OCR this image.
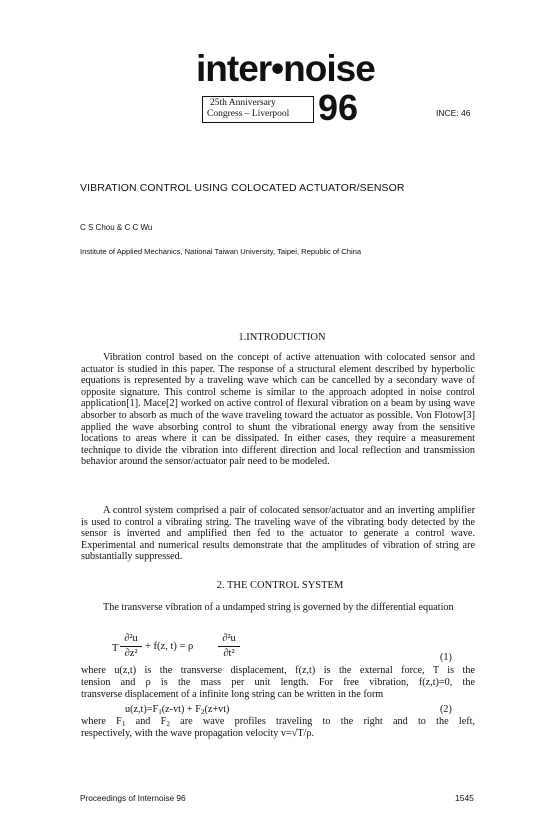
inter•noise
25th Anniversary
Congress – Liverpool 96	INCE: 46
VIBRATION CONTROL USING COLOCATED ACTUATOR/SENSOR
C S Chou & C C Wu
Institute of Applied Mechanics, National Taiwan University, Taipei, Republic of China
1.INTRODUCTION

Vibration control based on the concept of active attenuation with colocated sensor and actuator is studied in this paper. The response of a structural element described by hyperbolic equations is represented by a traveling wave which can be cancelled by a secondary wave of opposite signature. This control scheme is similar to the approach adopted in noise control application[1]. Mace[2] worked on active control of flexural vibration on a beam by using wave absorber to absorb as much of the wave traveling toward the actuator as possible. Von Flotow[3] applied the wave absorbing control to shunt the vibrational energy away from the sensitive locations to areas where it can be dissipated. In either cases, they require a measurement technique to divide the vibration into different direction and local reflection and transmission behavior around the sensor/actuator pair need to be modeled.

A control system comprised a pair of colocated sensor/actuator and an inverting amplifier is used to control a vibrating string. The traveling wave of the vibrating body detected by the sensor is inverted and amplified then fed to the actuator to generate a control wave. Experimental and numerical results demonstrate that the amplitudes of vibration of string are substantially suppressed.

2. THE CONTROL SYSTEM

The transverse vibration of a undamped string is governed by the differential equation

T
∂²u
∂z²
+ f(z, t) = ρ
∂²u
∂t²	(1)
where u(z,t) is the transverse displacement, f(z,t) is the external force, T is the
tension and ρ is the mass per unit length. For free vibration, f(z,t)=0, the
transverse displacement of a infinite long string can be written in the form
$u(z,t)=F_1(z-vt) + F_2(z+vt)$	(2)
where $F_1$ and $F_2$ are wave profiles traveling to the right and to the left,
respectively, with the wave propagation velocity v=√T/ρ.
Proceedings of Internoise 96	1545
